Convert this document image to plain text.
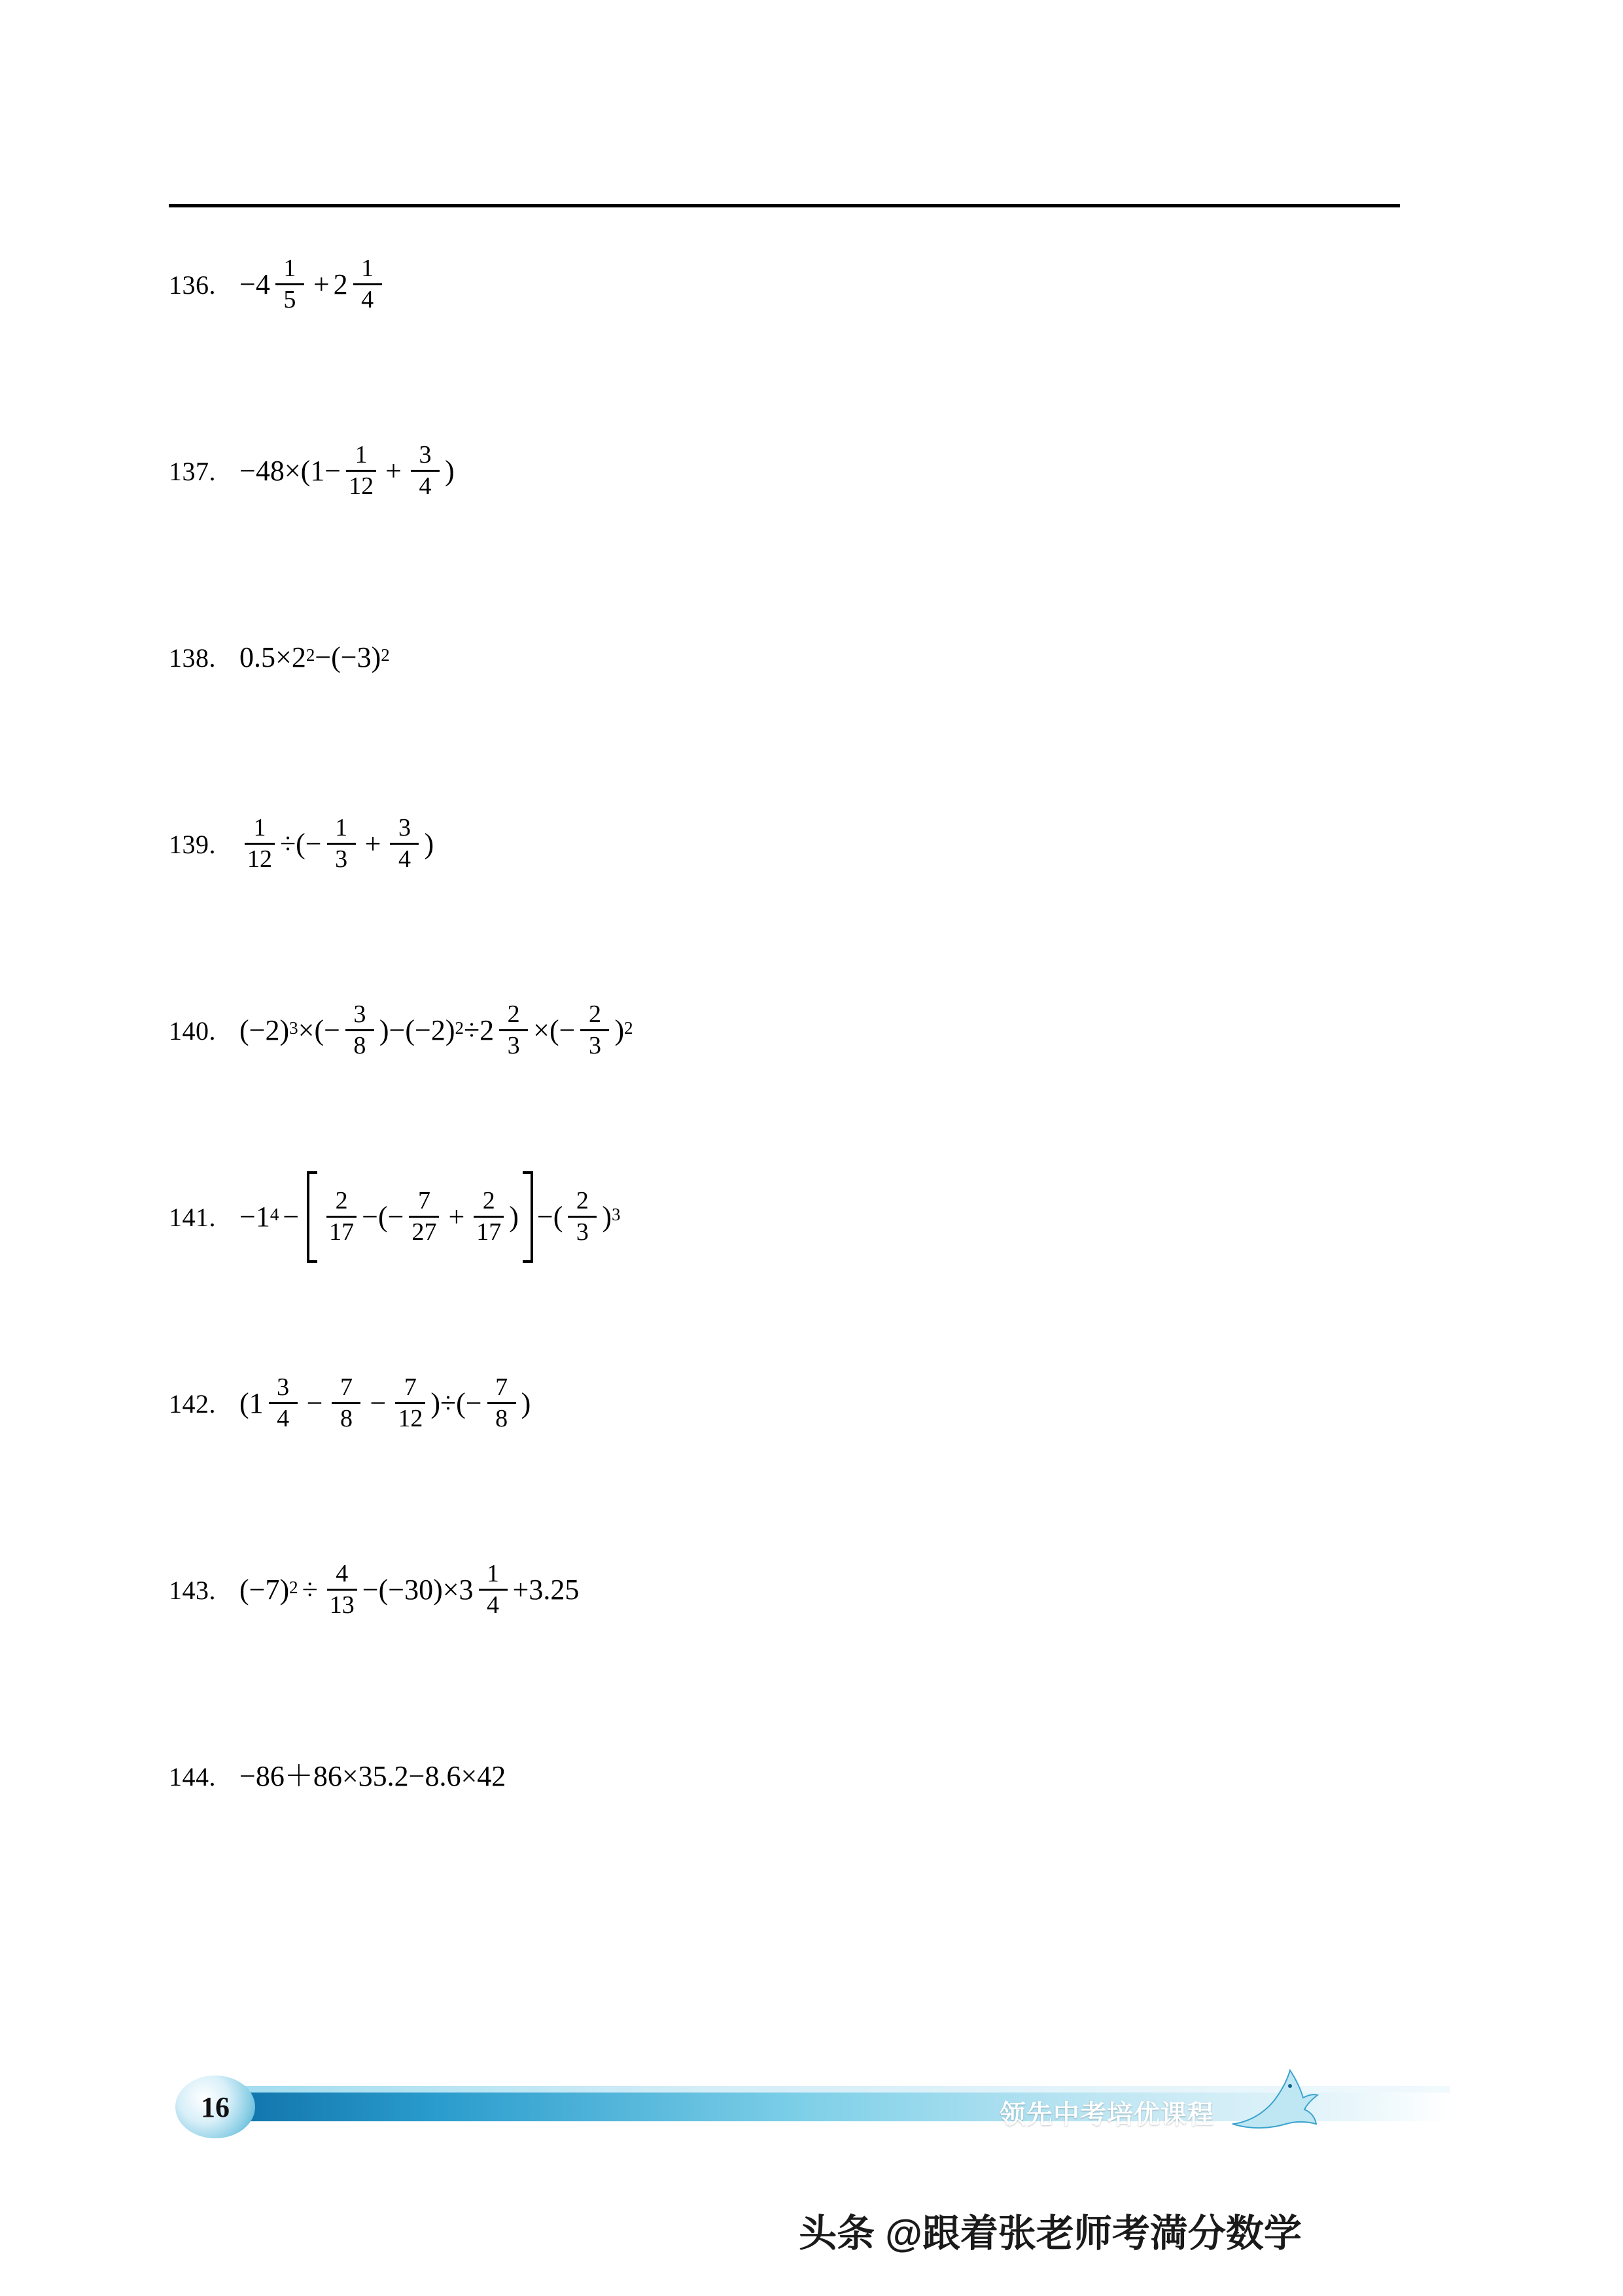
136. $-4 \frac{1}{5} + 2 \frac{1}{4}$
137. $-48\times(1- \frac{1}{12} + \frac{3}{4}$ )
138. $0.5\times 2^2 -(-3)^2$
139.	$\frac{1}{12}$ ÷(− $\frac{1}{3} + \frac{3}{4}$ )
140. $(-2)^3$ ×(− $\frac{3}{8} )-(-2)^2 \div 2 \frac{2}{3}$ ×(− $\frac{2}{3} )^2$
141. $-1^4 - \frac{2}{17}$ −(− $\frac{7}{27} + \frac{2}{17}$ ) −( $\frac{2}{3} )^3$
142. ($1 \frac{3}{4} - \frac{7}{8} - \frac{7}{12}$ )÷(− $\frac{7}{8}$ )
143. $(-7)^2 \div \frac{4}{13} -(-30)\times 3 \frac{1}{4} +3.25$
144. −86＋86×35.2−8.6×42
领先中考培优课程
16
头条 @跟着张老师考満分数学
